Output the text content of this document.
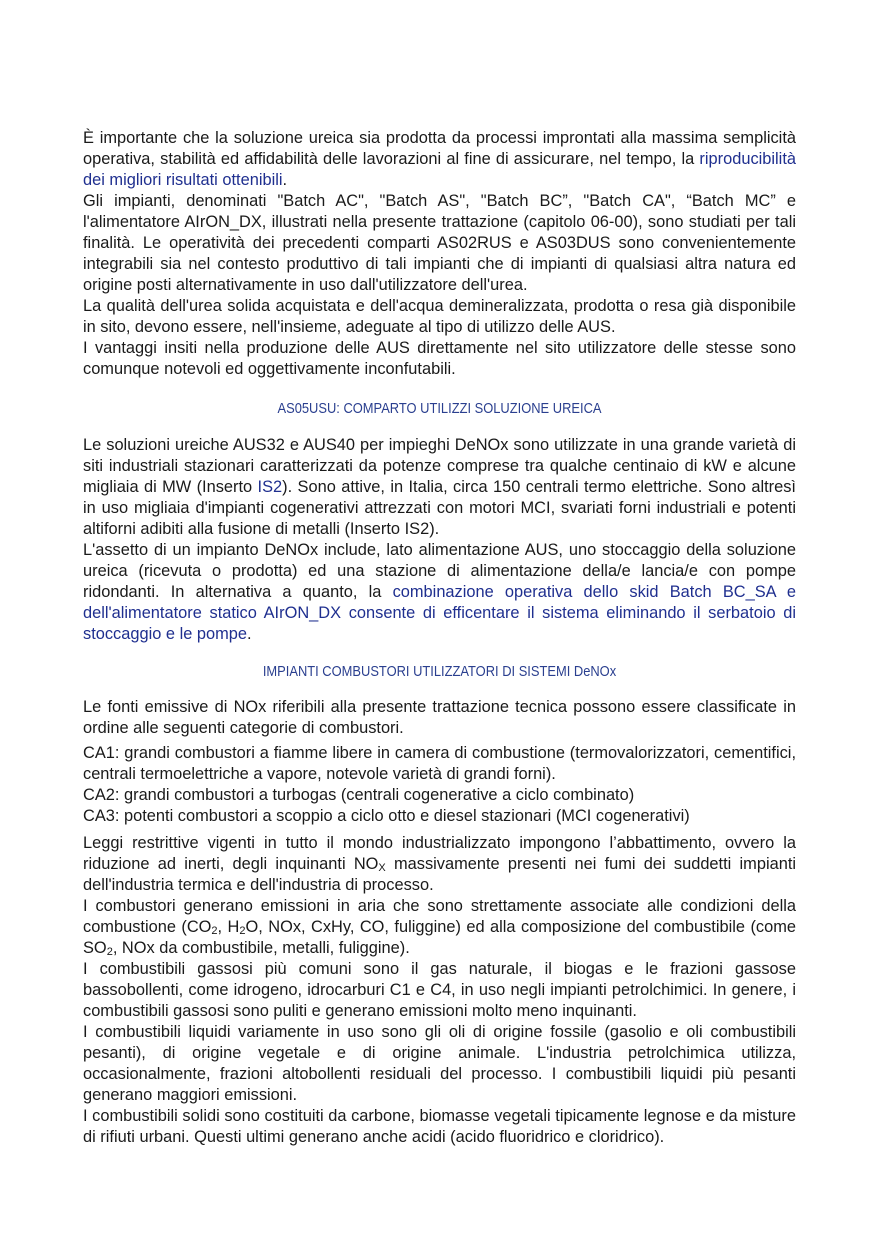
È importante che la soluzione ureica sia prodotta da processi improntati alla massima semplicità operativa, stabilità ed affidabilità delle lavorazioni al fine di assicurare, nel tempo, la riproducibilità dei migliori risultati ottenibili.

Gli impianti, denominati "Batch AC", "Batch AS", "Batch BC”, "Batch CA", “Batch MC” e l'alimentatore AIrON_DX, illustrati nella presente trattazione (capitolo 06-00), sono studiati per tali finalità. Le operatività dei precedenti comparti AS02RUS e AS03DUS sono convenientemente integrabili sia nel contesto produttivo di tali impianti che di impianti di qualsiasi altra natura ed origine posti alternativamente in uso dall'utilizzatore dell'urea.

La qualità dell'urea solida acquistata e dell'acqua demineralizzata, prodotta o resa già disponibile in sito, devono essere, nell'insieme, adeguate al tipo di utilizzo delle AUS.

I vantaggi insiti nella produzione delle AUS direttamente nel sito utilizzatore delle stesse sono comunque notevoli ed oggettivamente inconfutabili.

AS05USU: COMPARTO UTILIZZI SOLUZIONE UREICA

Le soluzioni ureiche AUS32 e AUS40 per impieghi DeNOx sono utilizzate in una grande varietà di siti industriali stazionari caratterizzati da potenze comprese tra qualche centinaio di kW e alcune migliaia di MW (Inserto IS2). Sono attive, in Italia, circa 150 centrali termo elettriche. Sono altresì in uso migliaia d'impianti cogenerativi attrezzati con motori MCI, svariati forni industriali e potenti altiforni adibiti alla fusione di metalli (Inserto IS2).

L'assetto di un impianto DeNOx include, lato alimentazione AUS, uno stoccaggio della soluzione ureica (ricevuta o prodotta) ed una stazione di alimentazione della/e lancia/e con pompe ridondanti. In alternativa a quanto, la combinazione operativa dello skid Batch BC_SA e dell'alimentatore statico AIrON_DX consente di efficentare il sistema eliminando il serbatoio di stoccaggio e le pompe.

IMPIANTI COMBUSTORI UTILIZZATORI DI SISTEMI DeNOx

Le fonti emissive di NOx riferibili alla presente trattazione tecnica possono essere classificate in ordine alle seguenti categorie di combustori.

CA1: grandi combustori a fiamme libere in camera di combustione (termovalorizzatori, cementifici, centrali termoelettriche a vapore, notevole varietà di grandi forni).

CA2: grandi combustori a turbogas (centrali cogenerative a ciclo combinato)

CA3: potenti combustori a scoppio a ciclo otto e diesel stazionari (MCI cogenerativi)

Leggi restrittive vigenti in tutto il mondo industrializzato impongono l’abbattimento, ovvero la riduzione ad inerti, degli inquinanti $NO_X$ massivamente presenti nei fumi dei suddetti impianti dell'industria termica e dell'industria di processo.

I combustori generano emissioni in aria che sono strettamente associate alle condizioni della combustione ($CO_2$, $H_2O$, NOx, CxHy, CO, fuliggine) ed alla composizione del combustibile (come $SO_2$, NOx da combustibile, metalli, fuliggine).

I combustibili gassosi più comuni sono il gas naturale, il biogas e le frazioni gassose bassobollenti, come idrogeno, idrocarburi C1 e C4, in uso negli impianti petrolchimici. In genere, i combustibili gassosi sono puliti e generano emissioni molto meno inquinanti.

I combustibili liquidi variamente in uso sono gli oli di origine fossile (gasolio e oli combustibili pesanti), di origine vegetale e di origine animale. L'industria petrolchimica utilizza, occasionalmente, frazioni altobollenti residuali del processo. I combustibili liquidi più pesanti generano maggiori emissioni.

I combustibili solidi sono costituiti da carbone, biomasse vegetali tipicamente legnose e da misture di rifiuti urbani. Questi ultimi generano anche acidi (acido fluoridrico e cloridrico).
